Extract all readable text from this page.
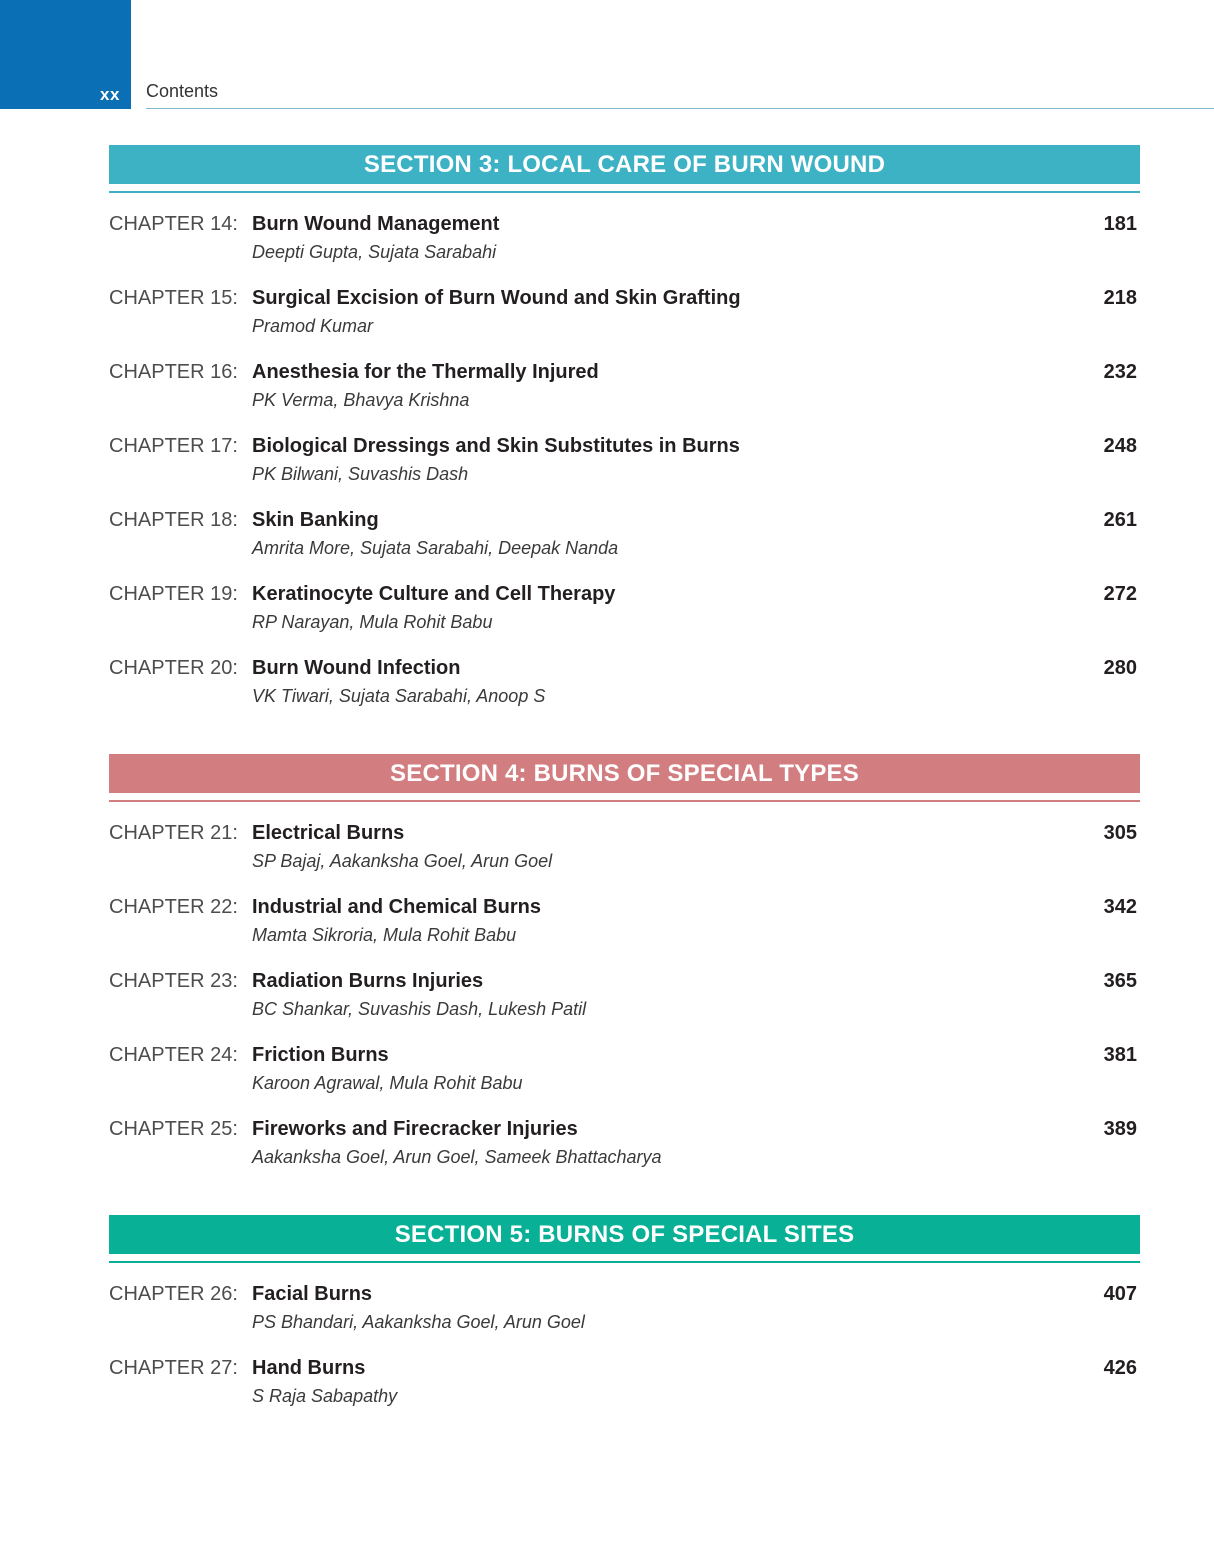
xx Contents
SECTION 3: LOCAL CARE OF BURN WOUND
CHAPTER 14: Burn Wound Management
Deepti Gupta, Sujata Sarabahi
181
CHAPTER 15: Surgical Excision of Burn Wound and Skin Grafting
Pramod Kumar
218
CHAPTER 16: Anesthesia for the Thermally Injured
PK Verma, Bhavya Krishna
232
CHAPTER 17: Biological Dressings and Skin Substitutes in Burns
PK Bilwani, Suvashis Dash
248
CHAPTER 18: Skin Banking
Amrita More, Sujata Sarabahi, Deepak Nanda
261
CHAPTER 19: Keratinocyte Culture and Cell Therapy
RP Narayan, Mula Rohit Babu
272
CHAPTER 20: Burn Wound Infection
VK Tiwari, Sujata Sarabahi, Anoop S
280
SECTION 4: BURNS OF SPECIAL TYPES
CHAPTER 21: Electrical Burns
SP Bajaj, Aakanksha Goel, Arun Goel
305
CHAPTER 22: Industrial and Chemical Burns
Mamta Sikroria, Mula Rohit Babu
342
CHAPTER 23: Radiation Burns Injuries
BC Shankar, Suvashis Dash, Lukesh Patil
365
CHAPTER 24: Friction Burns
Karoon Agrawal, Mula Rohit Babu
381
CHAPTER 25: Fireworks and Firecracker Injuries
Aakanksha Goel, Arun Goel, Sameek Bhattacharya
389
SECTION 5: BURNS OF SPECIAL SITES
CHAPTER 26: Facial Burns
PS Bhandari, Aakanksha Goel, Arun Goel
407
CHAPTER 27: Hand Burns
S Raja Sabapathy
426
